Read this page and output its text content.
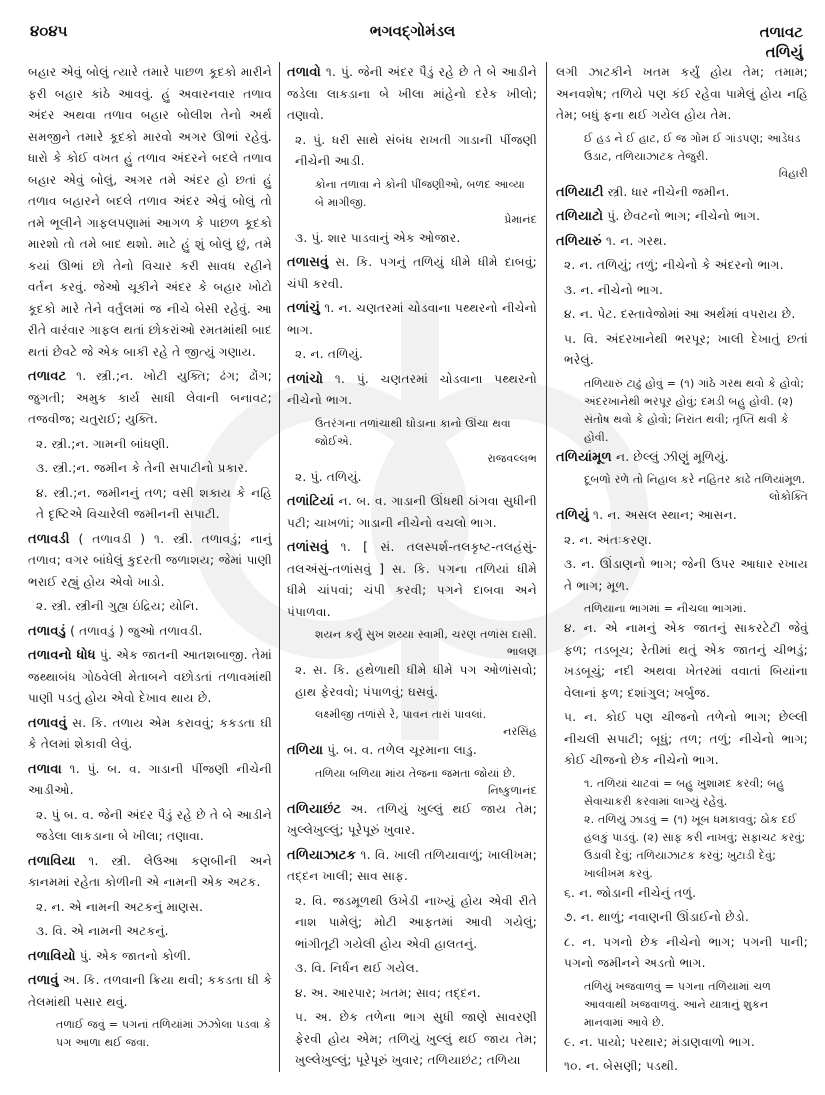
ભગવદ્ગોમંડલ
૪૦૪૫	તળાવટ
તળિયું
બહાર એવું બોલું ત્યારે તમારે પાછળ કૂદકો મારીને ફરી બહાર કાંઠે આવવું. હું અવારનવાર તળાવ અંદર અથવા તળાવ બહાર બોલીશ તેનો અર્થ સમજીને તમારે કૂદકો મારવો અગર ઊભાં રહેવું. ધારો કે કોઈ વખત હું તળાવ અંદરને બદલે તળાવ બહાર એવું બોલું, અગર તમે અંદર હો છતાં હું તળાવ બહારને બદલે તળાવ અંદર એવું બોલું તો તમે ભૂલીને ગાફલપણામાં આગળ કે પાછળ કૂદકો મારશો તો તમે બાદ થશો. માટે હું શું બોલું છું, તમે કયાં ઊભાં છો તેનો વિચાર કરી સાવધ રહીને વર્તન કરવું. જેઓ ચૂકીને અંદર કે બહાર ખોટો કૂદકો મારે તેને વર્તુલમાં જ નીચે બેસી રહેવું. આ રીતે વારંવાર ગાફલ થતાં છોકરાંઓ રમતમાંથી બાદ થતાં છેવટે જે એક બાકી રહે તે જીત્યું ગણાય.
તળાવટ ૧. સ્ત્રી.;ન. ખોટી યુક્તિ; ઢંગ; ઢોંગ; જુગતી; અમુક કાર્ય સાધી લેવાની બનાવટ; તજવીજ; ચતુરાઈ; યુક્તિ.
૨. સ્ત્રી.;ન. ગામની બાંધણી.
૩. સ્ત્રી.;ન. જમીન કે તેની સપાટીનો પ્રકાર.
૪. સ્ત્રી.;ન. જમીનનું તળ; વસી શકાય કે નહિ તે દૃષ્ટિએ વિચારેલી જમીનની સપાટી.
તળાવડી ( તળાવડી ) ૧. સ્ત્રી. તળાવડું; નાનું તળાવ; વગર બાંધેલું કુદરતી જળાશય; જેમાં પાણી ભરાઈ રહ્યું હોય એવો ખાડો.
૨. સ્ત્રી. સ્ત્રીની ગુહ્ય ઇંદ્રિય; યોનિ.
તળાવડું ( તળાવડું ) જુઓ તળાવડી.
તળાવનો ધોધ પું. એક જાતની આતશબાજી. તેમાં જથ્થાબંધ ગોઠવેલી મેતાબને વછોડતાં તળાવમાંથી પાણી પડતું હોય એવો દેખાવ થાય છે.
તળાવવું સ. કિ. તળાય એમ કરાવવું; કકડતા ઘી કે તેલમાં શેકાવી લેવું.
તળાવા ૧. પું. બ. વ. ગાડાની પીંજણી નીચેની આડીઓ.
૨. પું બ. વ. જેની અંદર પૈડું રહે છે તે બે આડીને જડેલા લાકડાના બે ખીલા; તણાવા.
તળાવિયા ૧. સ્ત્રી. લેઉઆ કણબીની અને કાનમમાં રહેતા કોળીની એ નામની એક અટક.
૨. ન. એ નામની અટકનું માણસ.
૩. વિ. એ નામની અટકનું.
તળાવિયો પું. એક જાતનો કોળી.
તળાવું અ. કિ. તળવાની ક્રિયા થવી; કકડતા ઘી કે તેલમાંથી પસાર થવું.
તળાઈ જવું = પગનાં તળિયાંમાં ઝંઝોલા પડવા કે પગ આળા થઈ જવા.
તળાવો ૧. પું. જેની અંદર પૈડું રહે છે તે બે આડીને જડેલા લાકડાના બે ખીલા માંહેનો દરેક ખીલો; તણાવો.
૨. પું. ધરી સાથે સંબંધ રાખતી ગાડાની પીંજણી નીચેની આડી.
કોના તળાવા ને કોની પીંજણીઓ, બળદ આવ્યા બે માગીજી.
પ્રેમાનંદ
૩. પું. શાર પાડવાનું એક ઓજાર.
તળાસવું સ. કિ. પગનું તળિયું ધીમે ધીમે દાબવું; ચંપી કરવી.
તળાંચું ૧. ન. ચણતરમાં ચોડવાના પથ્થરનો નીચેનો ભાગ.
૨. ન. તળિયું.
તળાંચો ૧. પું. ચણતરમાં ચોડવાના પથ્થરનો નીચેનો ભાગ.
ઉતરંગના તળાંચાથી ઘોડાના કાનો ઊંચા થવા જોઈએ.
રાજવલ્લભ
૨. પું. તળિયું.
તળાંટિયાં ન. બ. વ. ગાડાની ઊંધથી ઠાંગવા સુધીની પટી; ચાખળાં; ગાડાની નીચેનો વચલો ભાગ.
તળાંસવું ૧. [ સં. તલસ્પર્શ-તલકૃષ્ટ-તલહંસું-તલઅંસું-તળાંસવું ] સ. કિ. પગના તળિયાં ધીમે ધીમે ચાંપવાં; ચંપી કરવી; પગને દાબવા અને પંપાળવા.
શયન કર્યું સુખ શય્યા સ્વામી, ચરણ તળાંસ દાસી.
ભાલણ
૨. સ. કિ. હથેળાથી ધીમે ધીમે પગ ઓળાંસવો; હાથ ફેરવવો; પંપાળવું; ઘસવું.
લક્ષ્મીજી તળાંસે રે, પાવન તારાં પાવલાં.
નરસિંહ
તળિયા પું. બ. વ. તળેલ ચૂરમાના લાડુ.
તળિયા બળિયા માંય તેજના જમતા જોયાં છે.
નિષ્કુળાનંદ
તળિયાછંટ અ. તળિયું ખુલ્લું થઈ જાય તેમ; ખુલ્લેખુલ્લું; પૂરેપૂરું ખુવાર.
તળિયાઝાટક ૧. વિ. ખાલી તળિયાવાળું; ખાલીખમ; તદ્દન ખાલી; સાવ સાફ.
૨. વિ. જડમૂળથી ઉખેડી નાખ્યું હોય એવી રીતે નાશ પામેલું; મોટી આફતમાં આવી ગયેલું; ભાંગીતૂટી ગયેલી હોય એવી હાલતનું.
૩. વિ. નિર્ધન થઈ ગયેલ.
૪. અ. આરપાર; ખતમ; સાવ; તદ્દન.
૫. અ. છેક તળેના ભાગ સુધી જાણે સાવરણી ફેરવી હોય એમ; તળિયું ખુલ્લું થઈ જાય તેમ; ખુલ્લેખુલ્લું; પૂરેપૂરું ખુવાર; તળિયાછંટ; તળિયા
લગી ઝાટકીને ખતમ કર્યું હોય તેમ; તમામ; અનવશેષ; તળિયે પણ કંઈ રહેવા પામેલું હોય નહિ તેમ; બધું ફના થઈ ગયેલ હોય તેમ.
ઈ હડ ને ઈ હાટ, ઈ જ ગોમ ઈ ગાંડપણ; આડેધડ ઉડાટ, તળિયાઝાટક તેજુરી.
વિહારી
તળિયાટી સ્ત્રી. ધાર નીચેની જમીન.
તળિયાટો પું. છેવટનો ભાગ; નીચેનો ભાગ.
તળિયારું ૧. ન. ગરથ.
૨. ન. તળિયું; તળું; નીચેનો કે અંદરનો ભાગ.
૩. ન. નીચેનો ભાગ.
૪. ન. પેટ. દસ્તાવેજોમાં આ અર્થમાં વપરાય છે.
૫. વિ. અંદરખાનેથી ભરપૂર; ખાલી દેખાતું છતાં ભરેલું.
તળિયારું ટાઢું હોવું = (૧) ગાંઠે ગરથ થવો કે હોવો; અંદરખાનેથી ભરપૂર હોવું; દમડી બહુ હોવી. (૨) સંતોષ થવો કે હોવો; નિરાંત થવી; તૃપ્તિ થવી કે હોવી.
તળિયાંમૂળ ન. છેલ્લું ઝીણું મૂળિયું.
દૂબળો રળે તો નિહાલ કરે નહિતર કાઢે તળિયાંમૂળ.
લોકોક્તિ
તળિયું ૧. ન. અસલ સ્થાન; આસન.
૨. ન. અંતઃકરણ.
૩. ન. ઊંડાણનો ભાગ; જેની ઉપર આધાર રખાય તે ભાગ; મૂળ.
તળિયાના ભાગમાં = નીચલા ભાગમાં.
૪. ન. એ નામનું એક જાતનું સાકરટેટી જેવું ફળ; તડબૂચ; રેતીમાં થતું એક જાતનું ચીભડું; ખડબૂચું; નદી અથવા ખેતરમાં વવાતાં બિયાંના વેલાનાં ફળ; દશાંગુલ; ખર્બુજ.
૫. ન. કોઈ પણ ચીજનો તળેનો ભાગ; છેલ્લી નીચલી સપાટી; બૂધું; તળ; તળું; નીચેનો ભાગ; કોઈ ચીજનો છેક નીચેનો ભાગ.
૧. તળિયાં ચાટવાં = બહુ ખુશામદ કરવી; બહુ સેવાચાકરી કરવામાં લાગ્યું રહેવું.
૨. તળિયું ઝાડવું = (૧) ખૂબ ધમકાવવું; ઠોક દઈ હલકું પાડવું. (૨) સાફ કરી નાખવું; સફાચટ કરવું; ઉડાવી દેવું; તળિયાઝાટક કરવું; ખુટાડી દેવું; ખાલીખમ કરવું.
૬. ન. જોડાની નીચેનું તળું.
૭. ન. થાળું; નવાણની ઊંડાઈનો છેડો.
૮. ન. પગનો છેક નીચેનો ભાગ; પગની પાની; પગનો જમીનને અડતો ભાગ.
તળિયું ખજવાળવું = પગના તળિયામાં ચળ આવવાથી ખજવાળવું. આને યાત્રાનું શુકન માનવામાં આવે છે.
૯. ન. પાયો; પરથાર; મંડાણવાળો ભાગ.
૧૦. ન. બેસણી; પડથી.
